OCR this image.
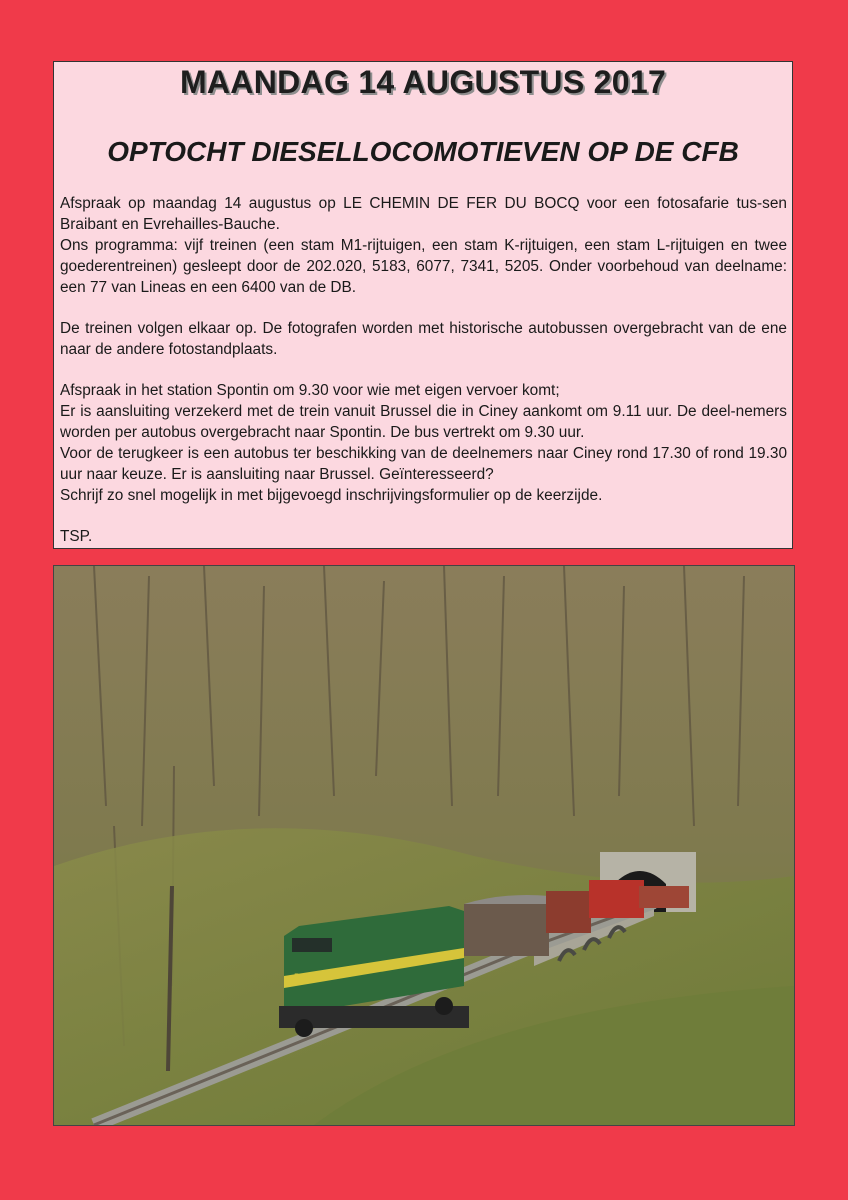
MAANDAG 14 AUGUSTUS 2017
OPTOCHT DIESELLOCOMOTIEVEN OP DE CFB

Afspraak op maandag 14 augustus op LE CHEMIN DE FER DU BOCQ voor een fotosafarie tus-sen Braibant en Evrehailles-Bauche.

Ons programma: vijf treinen (een stam M1-rijtuigen, een stam K-rijtuigen, een stam L-rijtuigen en twee goederentreinen) gesleept door de 202.020, 5183, 6077, 7341, 5205. Onder voorbehoud van deelname: een 77 van Lineas en een 6400 van de DB.

De treinen volgen elkaar op. De fotografen worden met historische autobussen overgebracht van de ene naar de andere fotostandplaats.

Afspraak in het station Spontin om 9.30 voor wie met eigen vervoer komt;

Er is aansluiting verzekerd met de trein vanuit Brussel die in Ciney aankomt om 9.11 uur. De deel-nemers worden per autobus overgebracht naar Spontin. De bus vertrekt om 9.30 uur.

Voor de terugkeer is een autobus ter beschikking van de deelnemers naar Ciney rond 17.30 of rond 19.30 uur naar keuze. Er is aansluiting naar Brussel. Geïnteresseerd?

Schrijf zo snel mogelijk in met bijgevoegd inschrijvingsformulier op de keerzijde.

TSP.

5183
